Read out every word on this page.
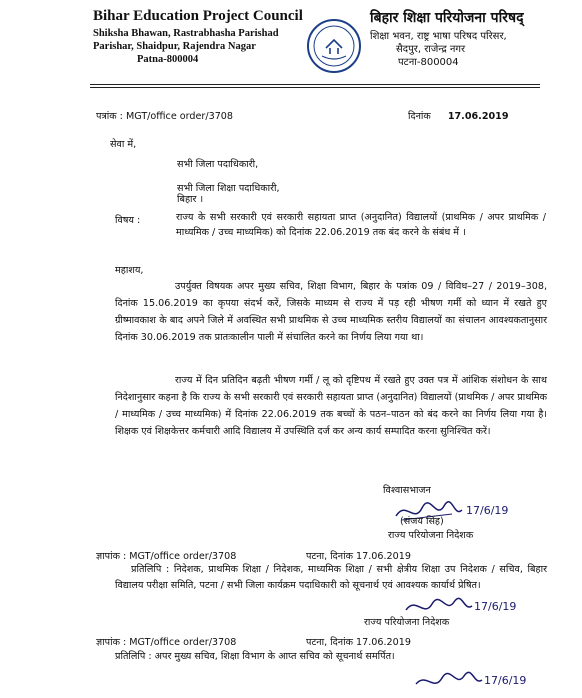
Bihar Education Project Council
Shiksha Bhawan, Rastrabhasha Parishad
Parishar, Shaidpur, Rajendra Nagar
Patna-800004
बिहार शिक्षा परियोजना परिषद्
शिक्षा भवन, राष्ट्र भाषा परिषद परिसर,
सैदपुर, राजेन्द्र नगर
पटना-800004
पत्रांक : MGT/office order/3708	दिनांक 17.06.2019
सेवा में,
सभी जिला पदाधिकारी,
सभी जिला शिक्षा पदाधिकारी,
बिहार ।
विषय :	राज्य के सभी सरकारी एवं सरकारी सहायता प्राप्त (अनुदानित) विद्यालयों (प्राथमिक / अपर प्राथमिक / माध्यमिक / उच्च माध्यमिक) को दिनांक 22.06.2019 तक बंद करने के संबंध में ।
महाशय,
उपर्युक्त विषयक अपर मुख्य सचिव, शिक्षा विभाग, बिहार के पत्रांक 09 / विविध–27 / 2019–308, दिनांक 15.06.2019 का कृपया संदर्भ करें, जिसके माध्यम से राज्य में पड़ रही भीषण गर्मी को ध्यान में रखते हुए ग्रीष्मावकाश के बाद अपने जिले में अवस्थित सभी प्राथमिक से उच्च माध्यमिक स्तरीय विद्यालयों का संचालन आवश्यकतानुसार दिनांक 30.06.2019 तक प्रातःकालीन पाली में संचालित करने का निर्णय लिया गया था।
राज्य में दिन प्रतिदिन बढ़ती भीषण गर्मी / लू को दृष्टिपथ में रखते हुए उक्त पत्र में आंशिक संशोधन के साथ निदेशानुसार कहना है कि राज्य के सभी सरकारी एवं सरकारी सहायता प्राप्त (अनुदानित) विद्यालयों (प्राथमिक / अपर प्राथमिक / माध्यमिक / उच्च माध्यमिक) में दिनांक 22.06.2019 तक बच्चों के पठन–पाठन को बंद करने का निर्णय लिया गया है। शिक्षक एवं शिक्षकेत्तर कर्मचारी आदि विद्यालय में उपस्थिति दर्ज कर अन्य कार्य सम्पादित करना सुनिश्चित करें।
विश्वासभाजन
17/6/19
(संजय सिंह)
राज्य परियोजना निदेशक
ज्ञापांक : MGT/office order/3708	पटना, दिनांक 17.06.2019
प्रतिलिपि : निदेशक, प्राथमिक शिक्षा / निदेशक, माध्यमिक शिक्षा / सभी क्षेत्रीय शिक्षा उप निदेशक / सचिव, बिहार विद्यालय परीक्षा समिति, पटना / सभी जिला कार्यक्रम पदाधिकारी को सूचनार्थ एवं आवश्यक कार्यार्थ प्रेषित।
17/6/19
राज्य परियोजना निदेशक
ज्ञापांक : MGT/office order/3708	पटना, दिनांक 17.06.2019
प्रतिलिपि : अपर मुख्य सचिव, शिक्षा विभाग के आप्त सचिव को सूचनार्थ समर्पित।
17/6/19
